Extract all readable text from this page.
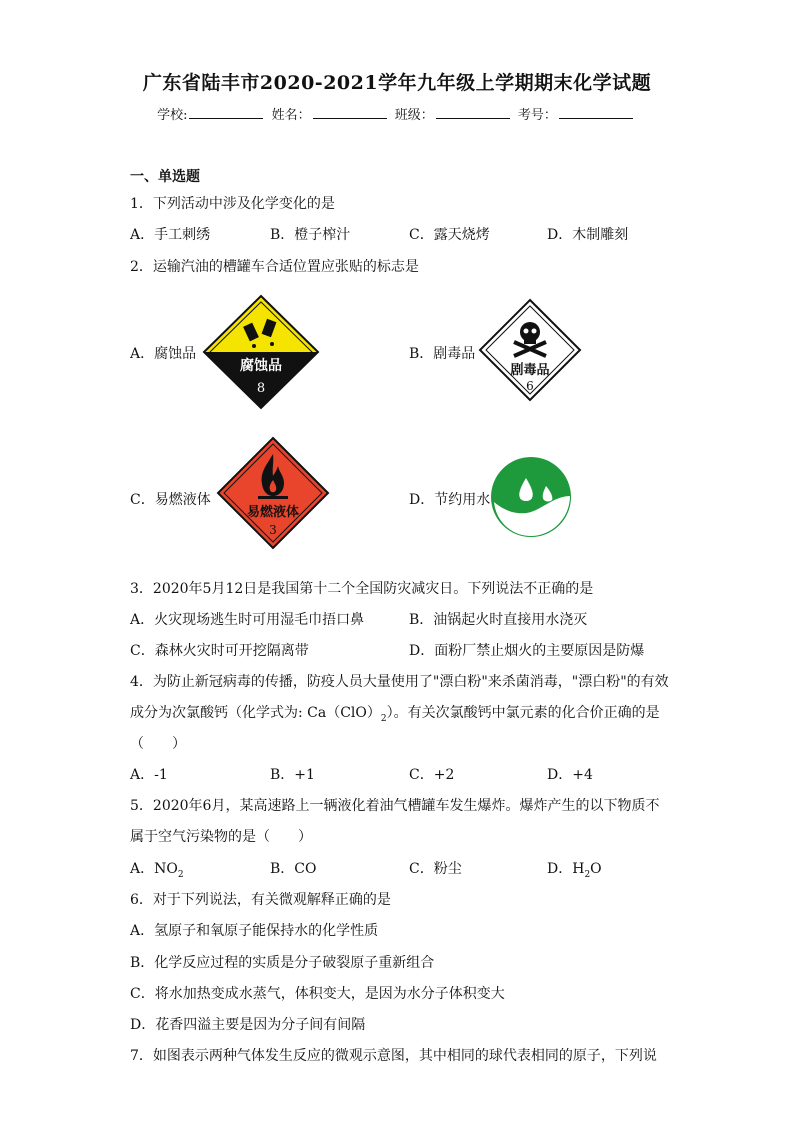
广东省陆丰市2020-2021学年九年级上学期期末化学试题
学校:	姓名：	班级：	考号：
一、单选题
1．下列活动中涉及化学变化的是
A．手工刺绣	B．橙子榨汁	C．露天烧烤	D．木制雕刻
2．运输汽油的槽罐车合适位置应张贴的标志是
A．腐蚀品
腐蚀品
8
B．剧毒品
剧毒品
6
C．易燃液体
易燃液体
3
D．节约用水
3．2020年5月12日是我国第十二个全国防灾减灾日。下列说法不正确的是
A．火灾现场逃生时可用湿毛巾捂口鼻	B．油锅起火时直接用水浇灭
C．森林火灾时可开挖隔离带	D．面粉厂禁止烟火的主要原因是防爆
4．为防止新冠病毒的传播，防疫人员大量使用了"漂白粉"来杀菌消毒，"漂白粉"的有效
成分为次氯酸钙（化学式为: $Ca(ClO)_2$）。有关次氯酸钙中氯元素的化合价正确的是
（　　）
A．-1	B．+1	C．+2	D．+4
5．2020年6月，某高速路上一辆液化着油气槽罐车发生爆炸。爆炸产生的以下物质不
属于空气污染物的是（　　）
A．$NO_2$	B．CO	C．粉尘	D．$H_2O$
6．对于下列说法，有关微观解释正确的是
A．氢原子和氧原子能保持水的化学性质
B．化学反应过程的实质是分子破裂原子重新组合
C．将水加热变成水蒸气，体积变大，是因为水分子体积变大
D．花香四溢主要是因为分子间有间隔
7．如图表示两种气体发生反应的微观示意图，其中相同的球代表相同的原子，下列说
